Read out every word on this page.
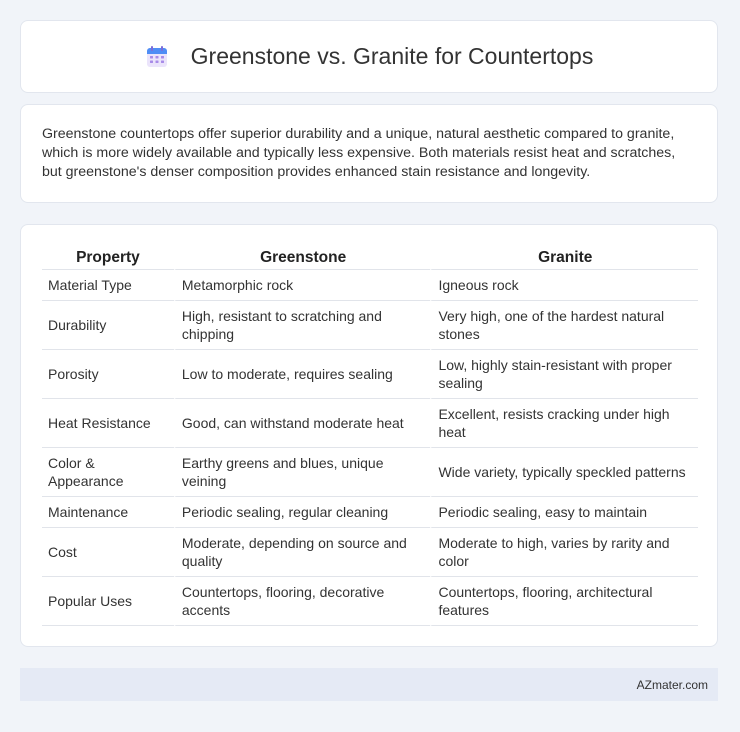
Greenstone vs. Granite for Countertops

Greenstone countertops offer superior durability and a unique, natural aesthetic compared to granite, which is more widely available and typically less expensive. Both materials resist heat and scratches, but greenstone's denser composition provides enhanced stain resistance and longevity.

Property	Greenstone	Granite
Material Type	Metamorphic rock	Igneous rock
Durability	High, resistant to scratching and chipping	Very high, one of the hardest natural stones
Porosity	Low to moderate, requires sealing	Low, highly stain-resistant with proper sealing
Heat Resistance	Good, can withstand moderate heat	Excellent, resists cracking under high heat
Color & Appearance	Earthy greens and blues, unique veining	Wide variety, typically speckled patterns
Maintenance	Periodic sealing, regular cleaning	Periodic sealing, easy to maintain
Cost	Moderate, depending on source and quality	Moderate to high, varies by rarity and color
Popular Uses	Countertops, flooring, decorative accents	Countertops, flooring, architectural features
AZmater.com
